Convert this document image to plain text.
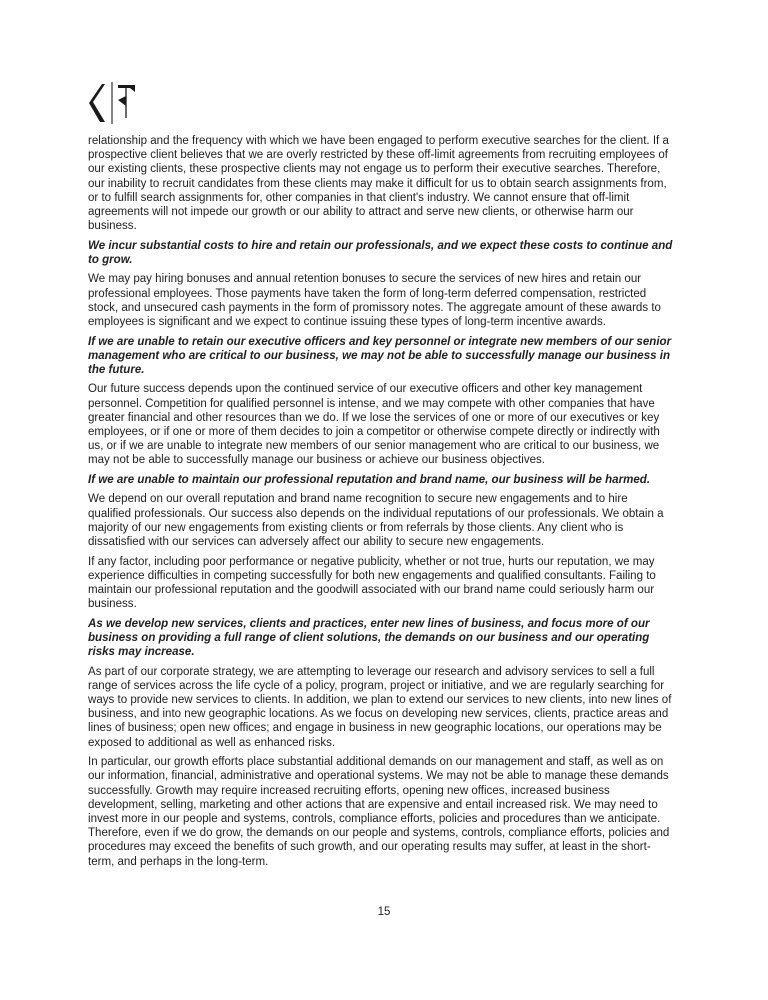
relationship and the frequency with which we have been engaged to perform executive searches for the client. If a
prospective client believes that we are overly restricted by these off-limit agreements from recruiting employees of
our existing clients, these prospective clients may not engage us to perform their executive searches. Therefore,
our inability to recruit candidates from these clients may make it difficult for us to obtain search assignments from,
or to fulfill search assignments for, other companies in that client's industry. We cannot ensure that off-limit
agreements will not impede our growth or our ability to attract and serve new clients, or otherwise harm our
business.

We incur substantial costs to hire and retain our professionals, and we expect these costs to continue and
to grow.

We may pay hiring bonuses and annual retention bonuses to secure the services of new hires and retain our
professional employees. Those payments have taken the form of long-term deferred compensation, restricted
stock, and unsecured cash payments in the form of promissory notes. The aggregate amount of these awards to
employees is significant and we expect to continue issuing these types of long-term incentive awards.

If we are unable to retain our executive officers and key personnel or integrate new members of our senior
management who are critical to our business, we may not be able to successfully manage our business in
the future.

Our future success depends upon the continued service of our executive officers and other key management
personnel. Competition for qualified personnel is intense, and we may compete with other companies that have
greater financial and other resources than we do. If we lose the services of one or more of our executives or key
employees, or if one or more of them decides to join a competitor or otherwise compete directly or indirectly with
us, or if we are unable to integrate new members of our senior management who are critical to our business, we
may not be able to successfully manage our business or achieve our business objectives.

If we are unable to maintain our professional reputation and brand name, our business will be harmed.

We depend on our overall reputation and brand name recognition to secure new engagements and to hire
qualified professionals. Our success also depends on the individual reputations of our professionals. We obtain a
majority of our new engagements from existing clients or from referrals by those clients. Any client who is
dissatisfied with our services can adversely affect our ability to secure new engagements.

If any factor, including poor performance or negative publicity, whether or not true, hurts our reputation, we may
experience difficulties in competing successfully for both new engagements and qualified consultants. Failing to
maintain our professional reputation and the goodwill associated with our brand name could seriously harm our
business.

As we develop new services, clients and practices, enter new lines of business, and focus more of our
business on providing a full range of client solutions, the demands on our business and our operating
risks may increase.

As part of our corporate strategy, we are attempting to leverage our research and advisory services to sell a full
range of services across the life cycle of a policy, program, project or initiative, and we are regularly searching for
ways to provide new services to clients. In addition, we plan to extend our services to new clients, into new lines of
business, and into new geographic locations. As we focus on developing new services, clients, practice areas and
lines of business; open new offices; and engage in business in new geographic locations, our operations may be
exposed to additional as well as enhanced risks.

In particular, our growth efforts place substantial additional demands on our management and staff, as well as on
our information, financial, administrative and operational systems. We may not be able to manage these demands
successfully. Growth may require increased recruiting efforts, opening new offices, increased business
development, selling, marketing and other actions that are expensive and entail increased risk. We may need to
invest more in our people and systems, controls, compliance efforts, policies and procedures than we anticipate.
Therefore, even if we do grow, the demands on our people and systems, controls, compliance efforts, policies and
procedures may exceed the benefits of such growth, and our operating results may suffer, at least in the short-
term, and perhaps in the long-term.

15
